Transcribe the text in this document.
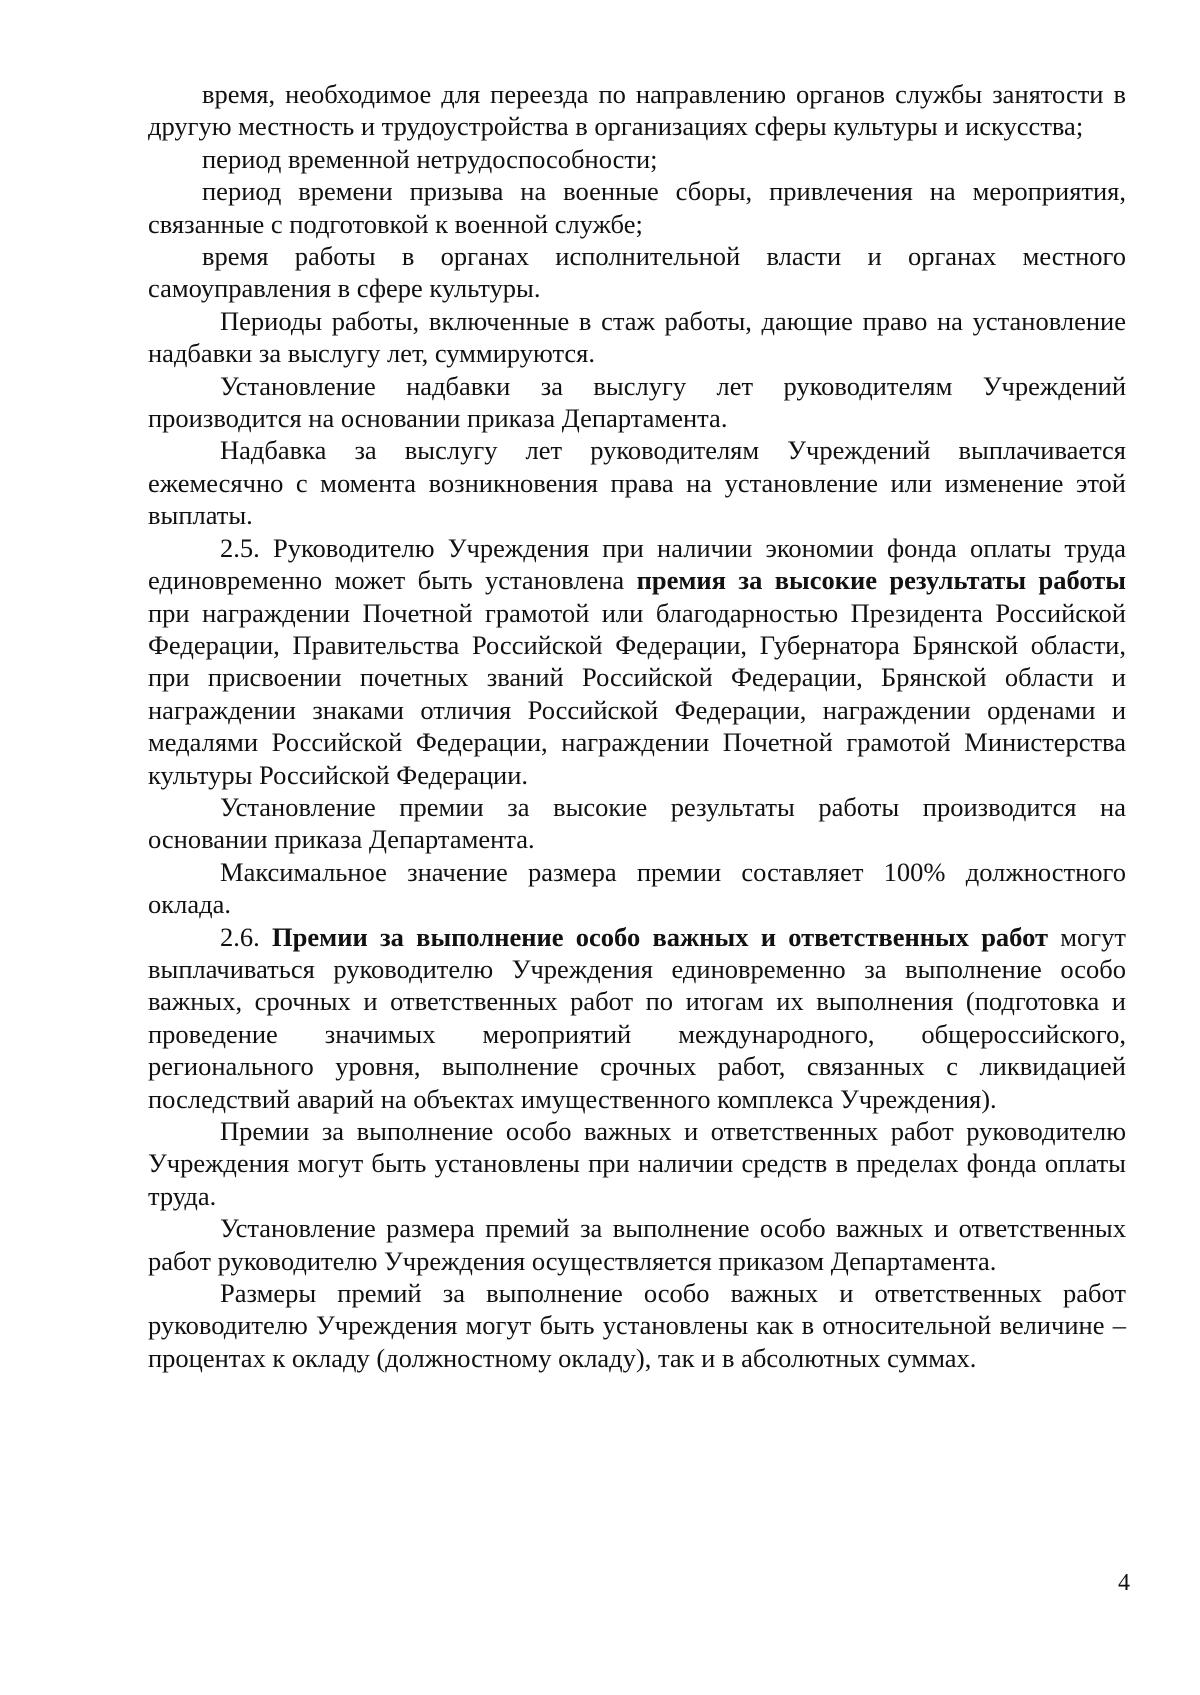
время, необходимое для переезда по направлению органов службы занятости в другую местность и трудоустройства в организациях сферы культуры и искусства;

период временной нетрудоспособности;

период времени призыва на военные сборы, привлечения на мероприятия, связанные с подготовкой к военной службе;

время работы в органах исполнительной власти и органах местного самоуправления в сфере культуры.

Периоды работы, включенные в стаж работы, дающие право на установление надбавки за выслугу лет, суммируются.

Установление надбавки за выслугу лет руководителям Учреждений производится на основании приказа Департамента.

Надбавка за выслугу лет руководителям Учреждений выплачивается ежемесячно с момента возникновения права на установление или изменение этой выплаты.

2.5. Руководителю Учреждения при наличии экономии фонда оплаты труда единовременно может быть установлена премия за высокие результаты работы при награждении Почетной грамотой или благодарностью Президента Российской Федерации, Правительства Российской Федерации, Губернатора Брянской области, при присвоении почетных званий Российской Федерации, Брянской области и награждении знаками отличия Российской Федерации, награждении орденами и медалями Российской Федерации, награждении Почетной грамотой Министерства культуры Российской Федерации.

Установление премии за высокие результаты работы производится на основании приказа Департамента.

Максимальное значение размера премии составляет 100% должностного оклада.

2.6. Премии за выполнение особо важных и ответственных работ могут выплачиваться руководителю Учреждения единовременно за выполнение особо важных, срочных и ответственных работ по итогам их выполнения (подготовка и проведение значимых мероприятий международного, общероссийского, регионального уровня, выполнение срочных работ, связанных с ликвидацией последствий аварий на объектах имущественного комплекса Учреждения).

Премии за выполнение особо важных и ответственных работ руководителю Учреждения могут быть установлены при наличии средств в пределах фонда оплаты труда.

Установление размера премий за выполнение особо важных и ответственных работ руководителю Учреждения осуществляется приказом Департамента.

Размеры премий за выполнение особо важных и ответственных работ руководителю Учреждения могут быть установлены как в относительной величине – процентах к окладу (должностному окладу), так и в абсолютных суммах.

4
